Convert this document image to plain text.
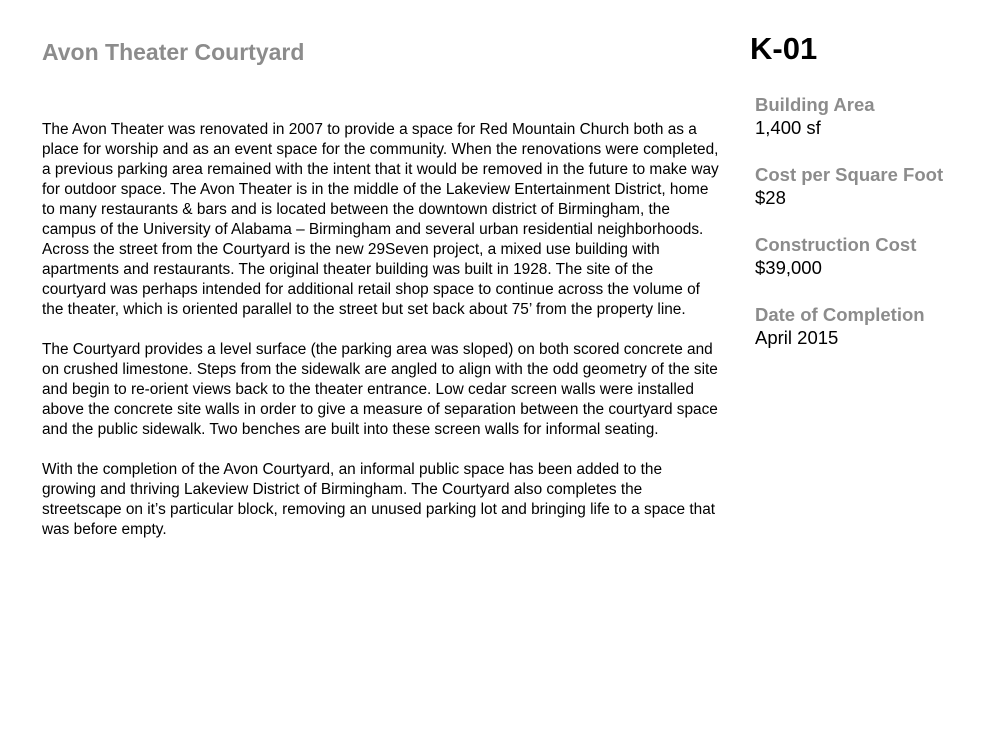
Avon Theater Courtyard	K-01

The Avon Theater was renovated in 2007 to provide a space for Red Mountain Church both as a place for worship and as an event space for the community. When the renovations were completed, a previous parking area remained with the intent that it would be removed in the future to make way for outdoor space. The Avon Theater is in the middle of the Lakeview Entertainment District, home to many restaurants & bars and is located between the downtown district of Birmingham, the campus of the University of Alabama – Birmingham and several urban residential neighborhoods. Across the street from the Courtyard is the new 29Seven project, a mixed use building with apartments and restaurants. The original theater building was built in 1928. The site of the courtyard was perhaps intended for additional retail shop space to continue across the volume of the theater, which is oriented parallel to the street but set back about 75’ from the property line.

The Courtyard provides a level surface (the parking area was sloped) on both scored concrete and on crushed limestone. Steps from the sidewalk are angled to align with the odd geometry of the site and begin to re-orient views back to the theater entrance. Low cedar screen walls were installed above the concrete site walls in order to give a measure of separation between the courtyard space and the public sidewalk. Two benches are built into these screen walls for informal seating.

With the completion of the Avon Courtyard, an informal public space has been added to the growing and thriving Lakeview District of Birmingham. The Courtyard also completes the streetscape on it’s particular block, removing an unused parking lot and bringing life to a space that was before empty.

Building Area
1,400 sf
Cost per Square Foot
$28
Construction Cost
$39,000
Date of Completion
April 2015
